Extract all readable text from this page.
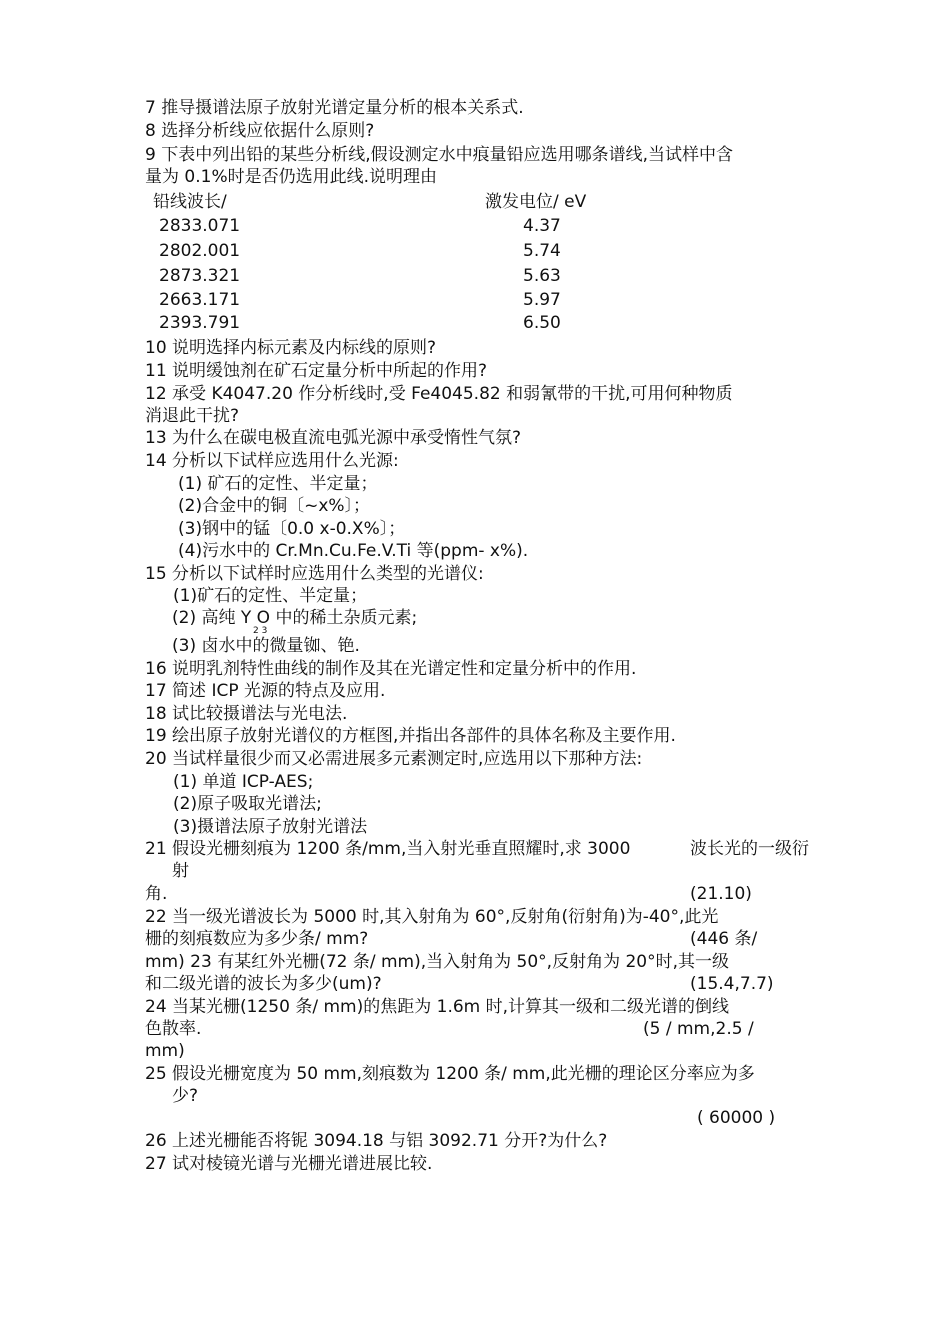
7 推导摄谱法原子放射光谱定量分析的根本关系式.
8 选择分析线应依据什么原则?
9 下表中列出铅的某些分析线,假设测定水中痕量铅应选用哪条谱线,当试样中含
量为 0.1%时是否仍选用此线.说明理由
铅线波长/	激发电位/ eV
2833.071	4.37
2802.001	5.74
2873.321	5.63
2663.171	5.97
2393.791	6.50
10 说明选择内标元素及内标线的原则?
11 说明缓蚀剂在矿石定量分析中所起的作用?
12 承受 K4047.20 作分析线时,受 Fe4045.82 和弱氰带的干扰,可用何种物质
消退此干扰?
13 为什么在碳电极直流电弧光源中承受惰性气氛?
14 分析以下试样应选用什么光源:
(1) 矿石的定性、半定量；
(2)合金中的铜〔~x%〕；
(3)钢中的锰〔0.0 x-0.X%〕；
(4)污水中的 Cr.Mn.Cu.Fe.V.Ti 等(ppm- x%).
15 分析以下试样时应选用什么类型的光谱仪:
(1)矿石的定性、半定量；
(2) 高纯 Y O 中的稀土杂质元素;
2 3
(3) 卤水中的微量铷、铯.
16 说明乳剂特性曲线的制作及其在光谱定性和定量分析中的作用.
17 简述 ICP 光源的特点及应用.
18 试比较摄谱法与光电法.
19 绘出原子放射光谱仪的方框图,并指出各部件的具体名称及主要作用.
20 当试样量很少而又必需进展多元素测定时,应选用以下那种方法:
(1) 单道 ICP-AES;
(2)原子吸取光谱法;
(3)摄谱法原子放射光谱法
21 假设光栅刻痕为 1200 条/mm,当入射光垂直照耀时,求 3000	波长光的一级衍
射
角.	(21.10)
22 当一级光谱波长为 5000 时,其入射角为 60°,反射角(衍射角)为-40°,此光
栅的刻痕数应为多少条/ mm?	(446 条/
mm) 23 有某红外光栅(72 条/ mm),当入射角为 50°,反射角为 20°时,其一级
和二级光谱的波长为多少(um)?	(15.4,7.7)
24 当某光栅(1250 条/ mm)的焦距为 1.6m 时,计算其一级和二级光谱的倒线
色散率.	(5 / mm,2.5 /
mm)
25 假设光栅宽度为 50 mm,刻痕数为 1200 条/ mm,此光栅的理论区分率应为多
少?
( 60000 )
26 上述光栅能否将铌 3094.18 与铝 3092.71 分开?为什么?
27 试对棱镜光谱与光栅光谱进展比较.
